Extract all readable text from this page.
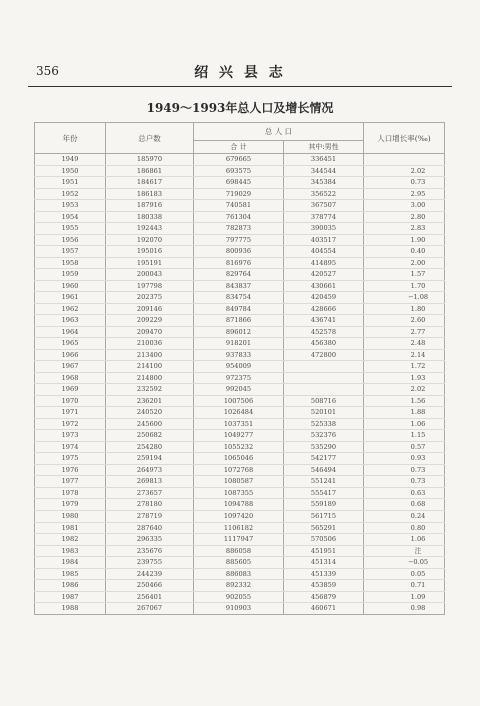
356	绍 兴 县 志
1949～1993年总人口及增长情况
年份	总户数	总 人 口		人口增长率(‰)
		合 计	其中:男性	
1949	185970	679665	336451	
1950	186861	693575	344544	2.02
1951	184617	698445	345384	0.73
1952	186183	719029	356522	2.95
1953	187916	740581	367507	3.00
1954	180338	761304	378774	2.80
1955	192443	782873	390035	2.83
1956	192070	797775	403517	1.90
1957	195016	800936	404554	0.40
1958	195191	816976	414895	2.00
1959	200043	829764	420527	1.57
1960	197798	843837	430661	1.70
1961	202375	834754	420459	−1.08
1962	209146	849784	428666	1.80
1963	209229	871866	436741	2.60
1964	209470	896012	452578	2.77
1965	210036	918201	456380	2.48
1966	213400	937833	472800	2.14
1967	214100	954009		1.72
1968	214800	972375		1.93
1969	232592	992045		2.02
1970	236201	1007506	508716	1.56
1971	240520	1026484	520101	1.88
1972	245600	1037351	525338	1.06
1973	250682	1049277	532376	1.15
1974	254280	1055232	535290	0.57
1975	259194	1065046	542177	0.93
1976	264973	1072768	546494	0.73
1977	269813	1080587	551241	0.73
1978	273657	1087355	555417	0.63
1979	278180	1094788	559189	0.68
1980	278719	1097420	561715	0.24
1981	287640	1106182	565291	0.80
1982	296335	1117947	570506	1.06
1983	235676	886058	451951	注
1984	239755	885605	451314	−0.05
1985	244239	886083	451339	0.05
1986	250466	892332	453859	0.71
1987	256401	902055	456879	1.09
1988	267067	910903	460671	0.98
